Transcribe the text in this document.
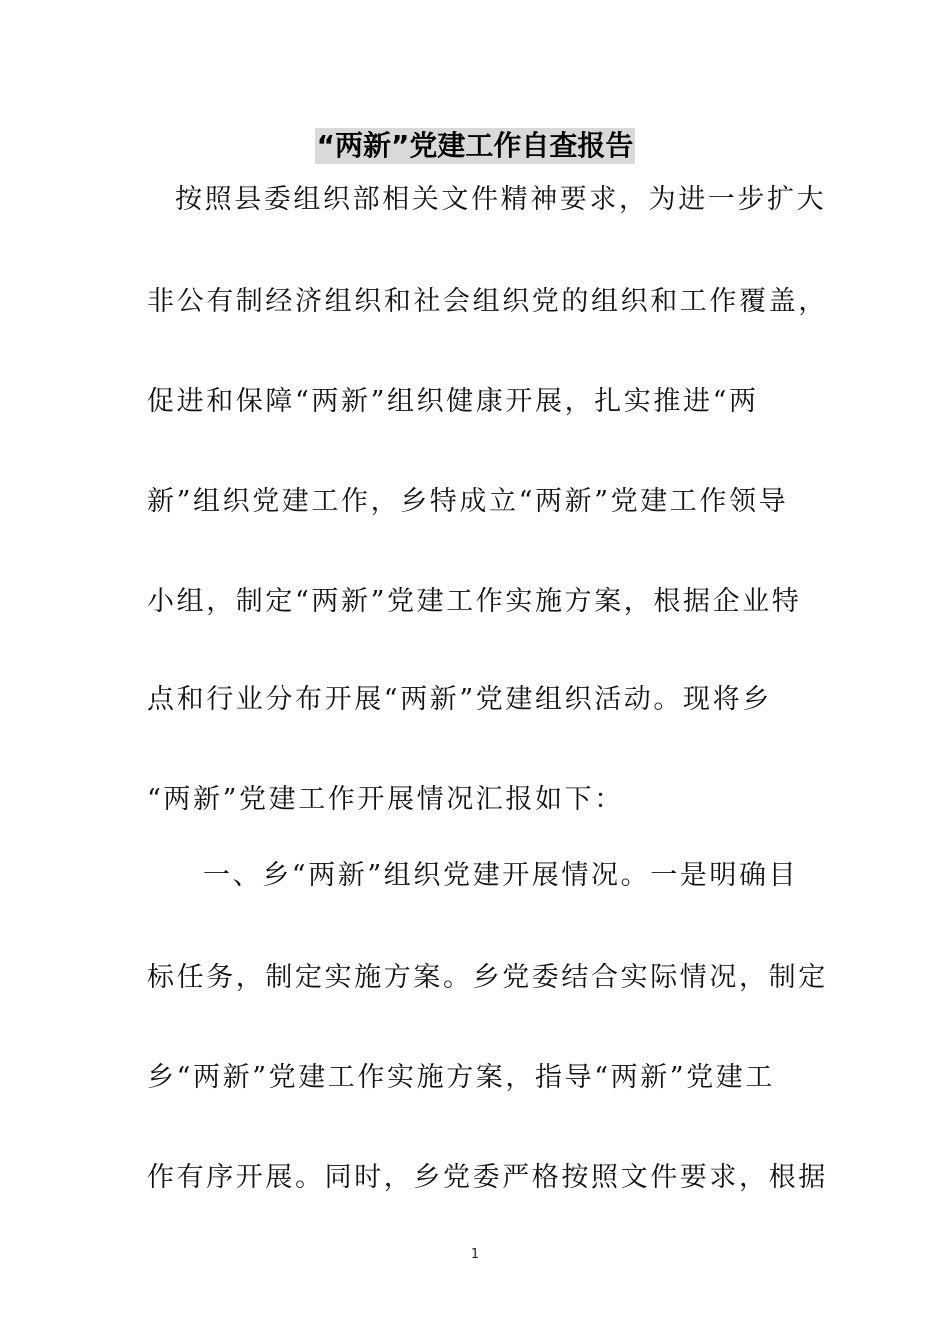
“两新”党建工作自查报告
按照县委组织部相关文件精神要求，为进一步扩大
非公有制经济组织和社会组织党的组织和工作覆盖，
促进和保障“两新”组织健康开展，扎实推进“两
新”组织党建工作，乡特成立“两新”党建工作领导
小组，制定“两新”党建工作实施方案，根据企业特
点和行业分布开展“两新”党建组织活动。现将乡
“两新”党建工作开展情况汇报如下：
一、乡“两新”组织党建开展情况。一是明确目
标任务，制定实施方案。乡党委结合实际情况，制定
乡“两新”党建工作实施方案，指导“两新”党建工
作有序开展。同时，乡党委严格按照文件要求，根据
1
